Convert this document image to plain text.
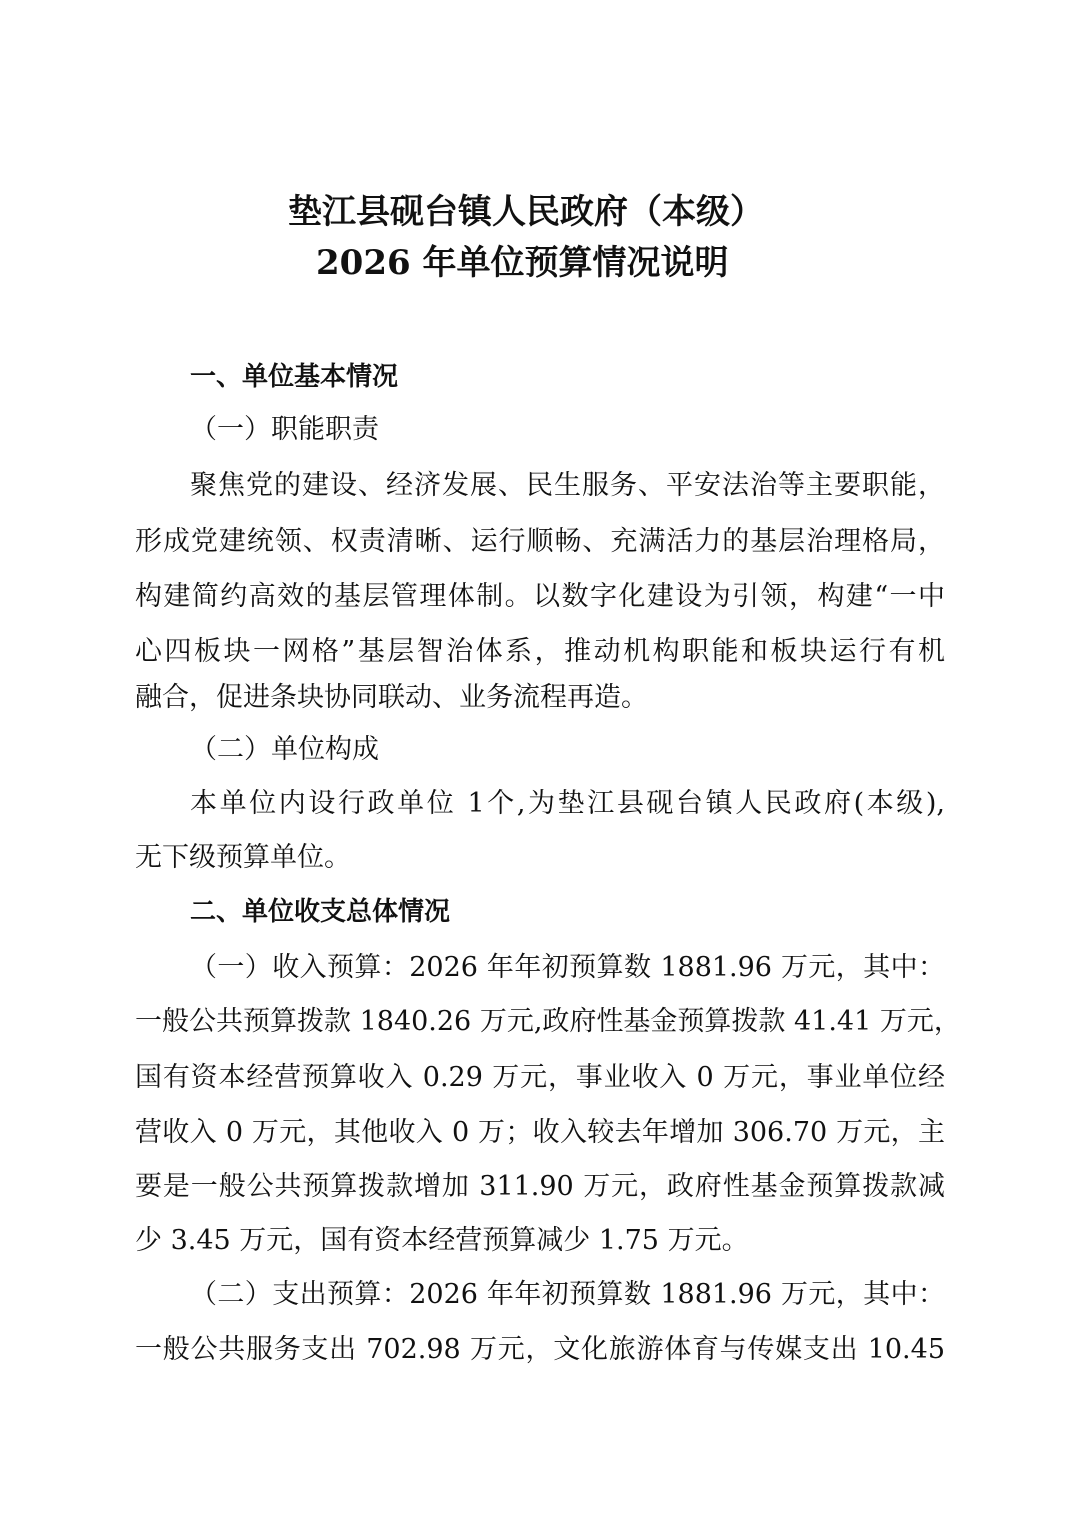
垫江县砚台镇人民政府（本级）
2026 年单位预算情况说明
一、单位基本情况
（一）职能职责
聚焦党的建设、经济发展、民生服务、平安法治等主要职能，
形成党建统领、权责清晰、运行顺畅、充满活力的基层治理格局，
构建简约高效的基层管理体制。以数字化建设为引领，构建“一中
心四板块一网格”基层智治体系，推动机构职能和板块运行有机
融合，促进条块协同联动、业务流程再造。
（二）单位构成
本单位内设行政单位 1个,为垫江县砚台镇人民政府(本级),
无下级预算单位。
二、单位收支总体情况
（一）收入预算：2026 年年初预算数 1881.96 万元，其中：
一般公共预算拨款 1840.26 万元,政府性基金预算拨款 41.41 万元，
国有资本经营预算收入 0.29 万元，事业收入 0 万元，事业单位经
营收入 0 万元，其他收入 0 万；收入较去年增加 306.70 万元，主
要是一般公共预算拨款增加 311.90 万元，政府性基金预算拨款减
少 3.45 万元，国有资本经营预算减少 1.75 万元。
（二）支出预算：2026 年年初预算数 1881.96 万元，其中：
一般公共服务支出 702.98 万元，文化旅游体育与传媒支出 10.45
